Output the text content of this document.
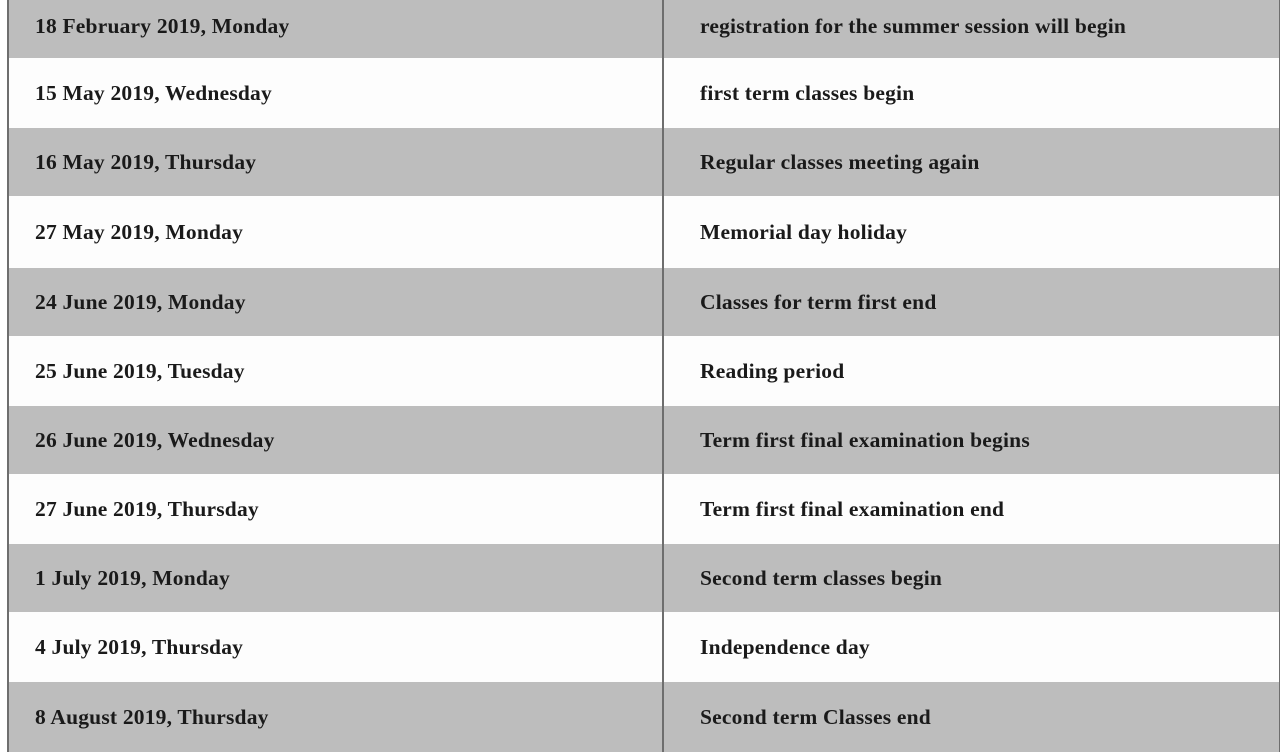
18 February 2019, Monday	registration for the summer session will begin
15 May 2019, Wednesday	first term classes begin
16 May 2019, Thursday	Regular classes meeting again
27 May 2019, Monday	Memorial day holiday
24 June 2019, Monday	Classes for term first end
25 June 2019, Tuesday	Reading period
26 June 2019, Wednesday	Term first final examination begins
27 June 2019, Thursday	Term first final examination end
1 July 2019, Monday	Second term classes begin
4 July 2019, Thursday	Independence day
8 August 2019, Thursday	Second term Classes end
